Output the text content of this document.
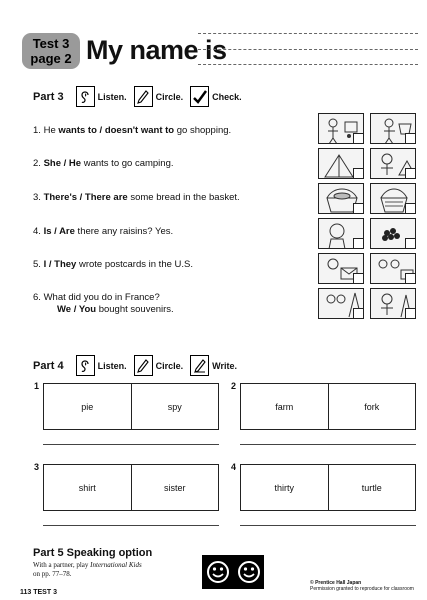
Test 3
page 2 My name is
Part 3	Listen.	Circle.	Check.
1. He wants to / doesn't want to go shopping.
2. She / He wants to go camping.
3. There's / There are some bread in the basket.
4. Is / Are there any raisins? Yes.
5. I / They wrote postcards in the U.S.
6. What did you do in France?
We / You bought souvenirs.
Part 4	Listen.	Circle.	Write.
1
pie	spy
2
farm	fork
3
shirt	sister
4
thirty	turtle
Part 5 Speaking option
With a partner, play International Kids
on pp. 77–78.
© Prentice Hall Japan
Permission granted to reproduce for classroom
113 TEST 3
